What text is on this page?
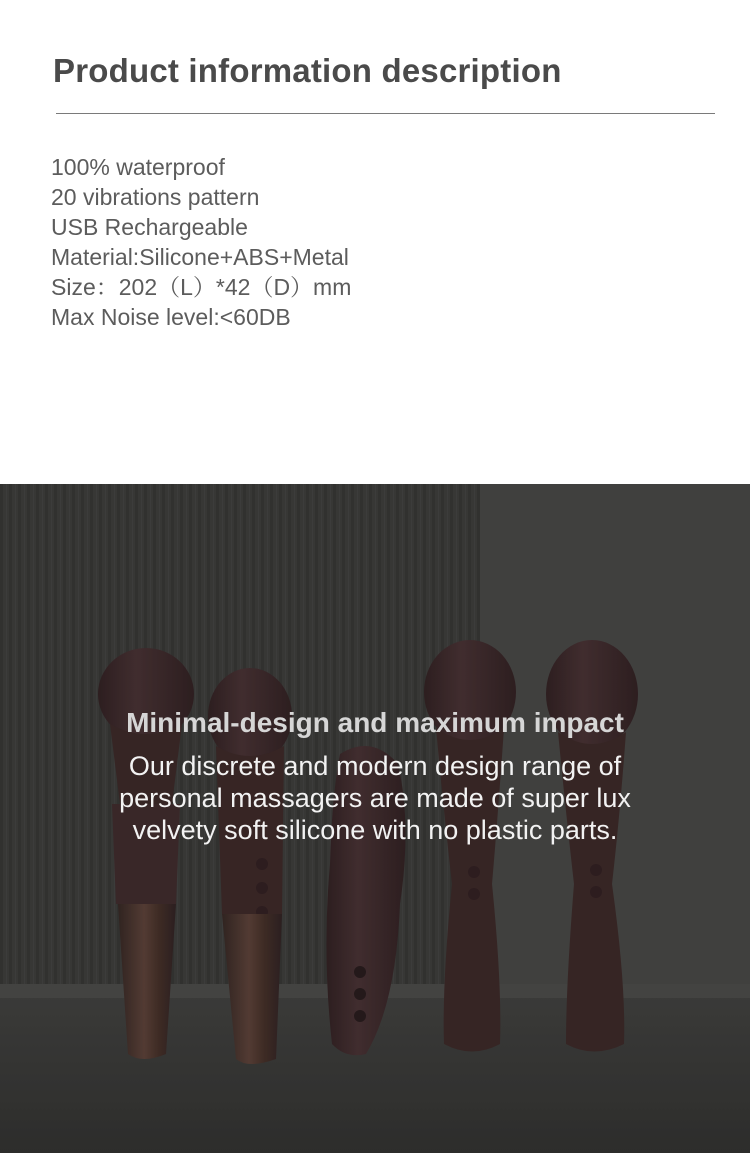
Product information description
100% waterproof
20 vibrations pattern
USB Rechargeable
Material:Silicone+ABS+Metal
Size：202（L）*42（D）mm
Max Noise level:<60DB
Minimal-design and maximum impact

Our discrete and modern design range of
personal massagers are made of super lux
velvety soft silicone with no plastic parts.
